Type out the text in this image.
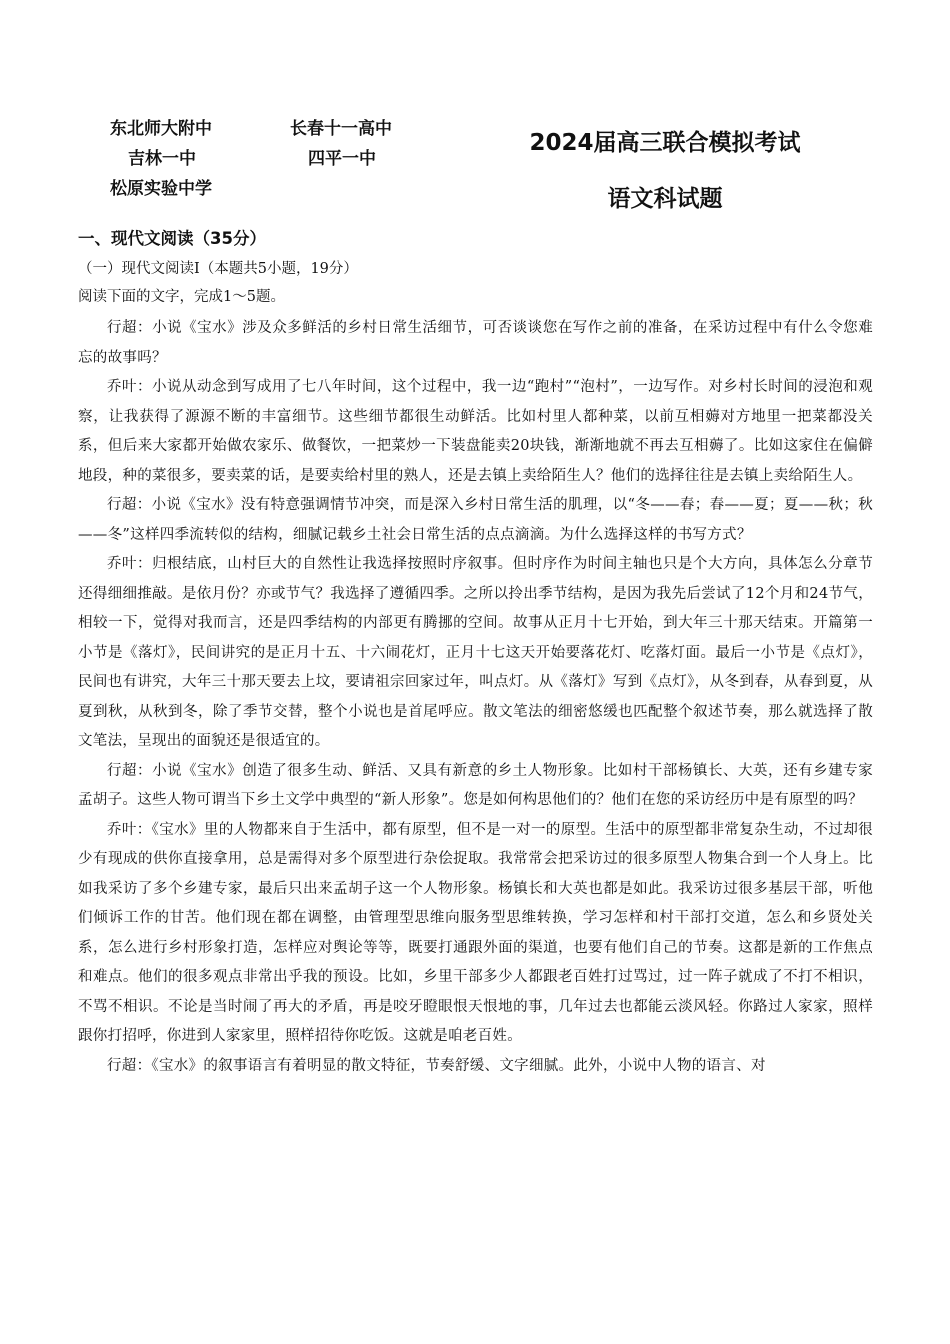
东北师大附中	长春十一高中
吉林一中	四平一中
松原实验中学
2024届高三联合模拟考试
语文科试题
一、现代文阅读（35分）
（一）现代文阅读Ⅰ（本题共5小题，19分）
阅读下面的文字，完成1～5题。

行超：小说《宝水》涉及众多鲜活的乡村日常生活细节，可否谈谈您在写作之前的准备，在采访过程中有什么令您难忘的故事吗？

乔叶：小说从动念到写成用了七八年时间，这个过程中，我一边“跑村”“泡村”，一边写作。对乡村长时间的浸泡和观察，让我获得了源源不断的丰富细节。这些细节都很生动鲜活。比如村里人都种菜，以前互相薅对方地里一把菜都没关系，但后来大家都开始做农家乐、做餐饮，一把菜炒一下装盘能卖20块钱，渐渐地就不再去互相薅了。比如这家住在偏僻地段，种的菜很多，要卖菜的话，是要卖给村里的熟人，还是去镇上卖给陌生人？他们的选择往往是去镇上卖给陌生人。

行超：小说《宝水》没有特意强调情节冲突，而是深入乡村日常生活的肌理，以“冬——春；春——夏；夏——秋；秋——冬”这样四季流转似的结构，细腻记载乡土社会日常生活的点点滴滴。为什么选择这样的书写方式？

乔叶：归根结底，山村巨大的自然性让我选择按照时序叙事。但时序作为时间主轴也只是个大方向，具体怎么分章节还得细细推敲。是依月份？亦或节气？我选择了遵循四季。之所以拎出季节结构，是因为我先后尝试了12个月和24节气，相较一下，觉得对我而言，还是四季结构的内部更有腾挪的空间。故事从正月十七开始，到大年三十那天结束。开篇第一小节是《落灯》，民间讲究的是正月十五、十六闹花灯，正月十七这天开始要落花灯、吃落灯面。最后一小节是《点灯》，民间也有讲究，大年三十那天要去上坟，要请祖宗回家过年，叫点灯。从《落灯》写到《点灯》，从冬到春，从春到夏，从夏到秋，从秋到冬，除了季节交替，整个小说也是首尾呼应。散文笔法的细密悠缓也匹配整个叙述节奏，那么就选择了散文笔法，呈现出的面貌还是很适宜的。

行超：小说《宝水》创造了很多生动、鲜活、又具有新意的乡土人物形象。比如村干部杨镇长、大英，还有乡建专家孟胡子。这些人物可谓当下乡土文学中典型的“新人形象”。您是如何构思他们的？他们在您的采访经历中是有原型的吗？

乔叶：《宝水》里的人物都来自于生活中，都有原型，但不是一对一的原型。生活中的原型都非常复杂生动，不过却很少有现成的供你直接拿用，总是需得对多个原型进行杂侩捉取。我常常会把采访过的很多原型人物集合到一个人身上。比如我采访了多个乡建专家，最后只出来孟胡子这一个人物形象。杨镇长和大英也都是如此。我采访过很多基层干部，听他们倾诉工作的甘苦。他们现在都在调整，由管理型思维向服务型思维转换，学习怎样和村干部打交道，怎么和乡贤处关系，怎么进行乡村形象打造，怎样应对舆论等等，既要打通跟外面的渠道，也要有他们自己的节奏。这都是新的工作焦点和难点。他们的很多观点非常出乎我的预设。比如，乡里干部多少人都跟老百姓打过骂过，过一阵子就成了不打不相识，不骂不相识。不论是当时闹了再大的矛盾，再是咬牙瞪眼恨天恨地的事，几年过去也都能云淡风轻。你路过人家家，照样跟你打招呼，你进到人家家里，照样招待你吃饭。这就是咱老百姓。

行超：《宝水》的叙事语言有着明显的散文特征，节奏舒缓、文字细腻。此外，小说中人物的语言、对
